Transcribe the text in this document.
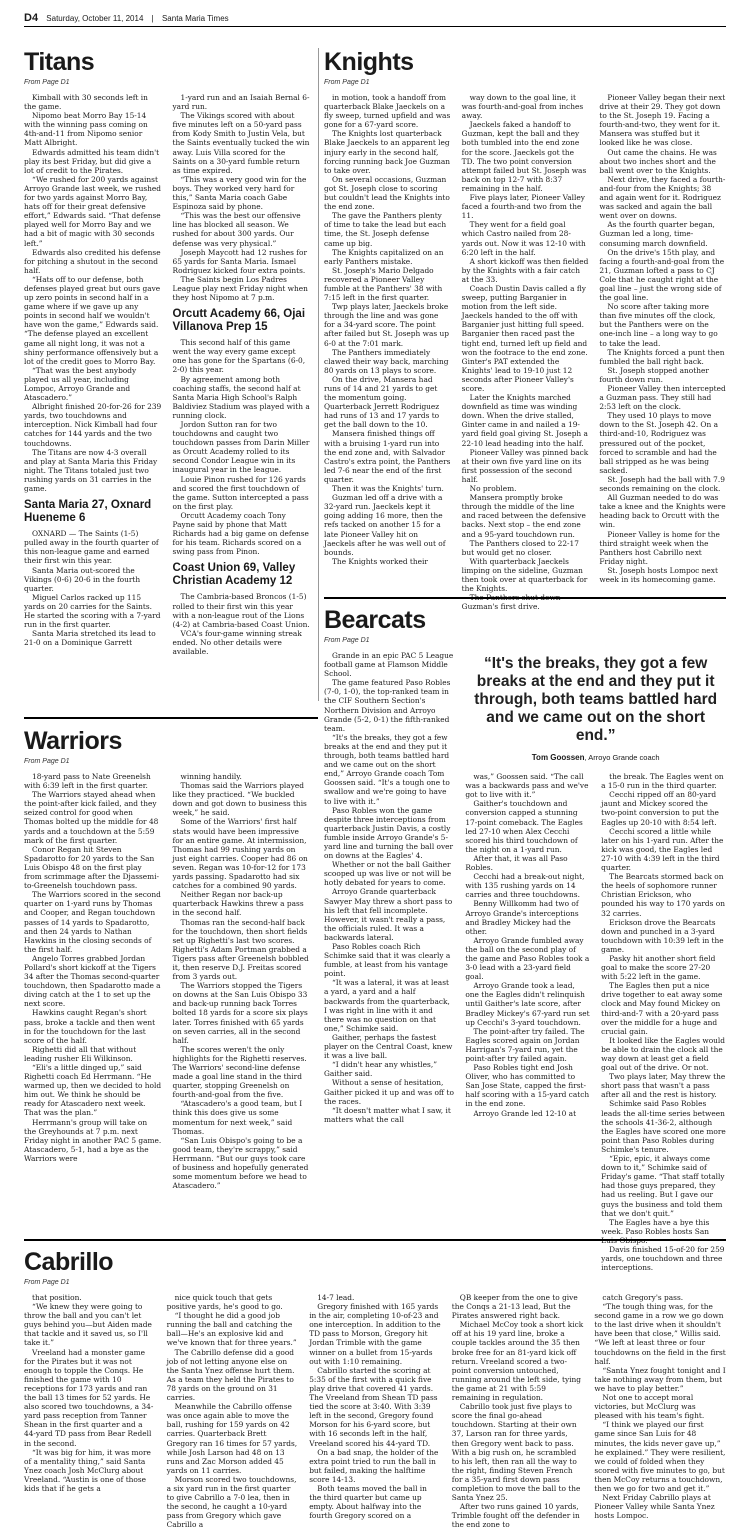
D4 Saturday, October 11, 2014 | Santa Maria Times
Titans
From Page D1

Kimball with 30 seconds left in the game.

Nipomo beat Morro Bay 15-14 with the winning pass coming on 4th-and-11 from Nipomo senior Matt Albright.

Edwards admitted his team didn't play its best Friday, but did give a lot of credit to the Pirates.

“We rushed for 200 yards against Arroyo Grande last week, we rushed for two yards against Morro Bay, hats off for their great defensive effort,” Edwards said. “That defense played well for Morro Bay and we had a bit of magic with 30 seconds left.”

Edwards also credited his defense for pitching a shutout in the second half.

“Hats off to our defense, both defenses played great but ours gave up zero points in second half in a game where if we gave up any points in second half we wouldn't have won the game,” Edwards said. “The defense played an excellent game all night long, it was not a shiny performance offensively but a lot of the credit goes to Morro Bay.

“That was the best anybody played us all year, including Lompoc, Arroyo Grande and Atascadero.”

Albright finished 20-for-26 for 239 yards, two touchdowns and interception. Nick Kimball had four catches for 144 yards and the two touchdowns.

The Titans are now 4-3 overall and play at Santa Maria this Friday night. The Titans totaled just two rushing yards on 31 carries in the game.

Santa Maria 27, Oxnard Hueneme 6

OXNARD — The Saints (1-5) pulled away in the fourth quarter of this non-league game and earned their first win this year.

Santa Maria out-scored the Vikings (0-6) 20-6 in the fourth quarter.

Miguel Carlos racked up 115 yards on 20 carries for the Saints. He started the scoring with a 7-yard run in the first quarter.

Santa Maria stretched its lead to 21-0 on a Dominique Garrett

1-yard run and an Isaiah Bernal 6-yard run.

The Vikings scored with about five minutes left on a 50-yard pass from Kody Smith to Justin Vela, but the Saints eventually tucked the win away. Luis Villa scored for the Saints on a 30-yard fumble return as time expired.

“This was a very good win for the boys. They worked very hard for this,” Santa Maria coach Gabe Espinoza said by phone.

“This was the best our offensive line has blocked all season. We rushed for about 300 yards. Our defense was very physical.”

Joseph Maycott had 12 rushes for 65 yards for Santa Maria. Ismael Rodriguez kicked four extra points.

The Saints begin Los Padres League play next Friday night when they host Nipomo at 7 p.m.

Orcutt Academy 66, Ojai Villanova Prep 15

This second half of this game went the way every game except one has gone for the Spartans (6-0, 2-0) this year.

By agreement among both coaching staffs, the second half at Santa Maria High School's Ralph Baldiviez Stadium was played with a running clock.

Jordon Sutton ran for two touchdowns and caught two touchdown passes from Darin Miller as Orcutt Academy rolled to its second Condor League win in its inaugural year in the league.

Louie Pinon rushed for 126 yards and scored the first touchdown of the game. Sutton intercepted a pass on the first play.

Orcutt Academy coach Tony Payne said by phone that Matt Richards had a big game on defense for his team. Richards scored on a swing pass from Pinon.

Coast Union 69, Valley Christian Academy 12

The Cambria-based Broncos (1-5) rolled to their first win this year with a non-league rout of the Lions (4-2) at Cambria-based Coast Union.

VCA's four-game winning streak ended. No other details were available.

Knights
From Page D1

in motion, took a handoff from quarterback Blake Jaeckels on a fly sweep, turned upfield and was gone for a 67-yard score.

The Knights lost quarterback Blake Jaeckels to an apparent leg injury early in the second half, forcing running back Joe Guzman to take over.

On several occasions, Guzman got St. Joseph close to scoring but couldn't lead the Knights into the end zone.

The gave the Panthers plenty of time to take the lead but each time, the St. Joseph defense came up big.

The Knights capitalized on an early Panthers mistake.

St. Joseph's Mario Delgado recovered a Pioneer Valley fumble at the Panthers' 38 with 7:15 left in the first quarter.

Twp plays later, Jaeckels broke through the line and was gone for a 34-yard score. The point after failed but St. Joseph was up 6-0 at the 7:01 mark.

The Panthers immediately clawed their way back, marching 80 yards on 13 plays to score.

On the drive, Mansera had runs of 14 and 21 yards to get the momentum going. Quarterback Jerrett Rodriguez had runs of 13 and 17 yards to get the ball down to the 10.

Mansera finished things off with a bruising 1-yard run into the end zone and, with Salvador Castro's extra point, the Panthers led 7-6 near the end of the first quarter.

Then it was the Knights' turn.

Guzman led off a drive with a 32-yard run. Jaeckels kept it going adding 16 more, then the refs tacked on another 15 for a late Pioneer Valley hit on Jaeckels after he was well out of bounds.

The Knights worked their

way down to the goal line, it was fourth-and-goal from inches away.

Jaeckels faked a handoff to Guzman, kept the ball and they both tumbled into the end zone for the score. Jaeckels got the TD. The two point conversion attempt failed but St. Joseph was back on top 12-7 with 8:37 remaining in the half.

Five plays later, Pioneer Valley faced a fourth-and two from the 11.

They went for a field goal which Castro nailed from 28-yards out. Now it was 12-10 with 6:20 left in the half.

A short kickoff was then fielded by the Knights with a fair catch at the 33.

Coach Dustin Davis called a fly sweep, putting Barganier in motion from the left side. Jaeckels handed to the off with Barganier just hitting full speed. Barganier then raced past the tight end, turned left up field and won the footrace to the end zone. Ginter's PAT extended the Knights' lead to 19-10 just 12 seconds after Pioneer Valley's score.

Later the Knights marched downfield as time was winding down. When the drive stalled, Ginter came in and nailed a 19-yard field goal giving St. Joseph a 22-10 lead heading into the half.

Pioneer Valley was pinned back at their own five yard line on its first possession of the second half.

No problem.

Mansera promptly broke through the middle of the line and raced between the defensive backs. Next stop – the end zone and a 95-yard touchdown run.

The Panthers closed to 22-17 but would get no closer.

With quarterback Jaeckels limping on the sideline, Guzman then took over at quarterback for the Knights.

The Panthers shut down Guzman's first drive.

Pioneer Valley began their next drive at their 29. They got down to the St. Joseph 19. Facing a fourth-and-two, they went for it. Mansera was stuffed but it looked like he was close.

Out came the chains. He was about two inches short and the ball went over to the Knights.

Next drive, they faced a fourth-and-four from the Knights; 38 and again went for it. Rodriguez was sacked and again the ball went over on downs.

As the fourth quarter began, Guzman led a long, time-consuming march downfield.

On the drive's 15th play, and facing a fourth-and-goal from the 21, Guzman lofted a pass to CJ Cole that he caught right at the goal line – just the wrong side of the goal line.

No score after taking more than five minutes off the clock, but the Panthers were on the one-inch line – a long way to go to take the lead.

The Knights forced a punt then fumbled the ball right back.

St. Joseph stopped another fourth down run.

Pioneer Valley then intercepted a Guzman pass. They still had 2:53 left on the clock.

They used 10 plays to move down to the St. Joseph 42. On a third-and-10, Rodriguez was pressured out of the pocket, forced to scramble and had the ball stripped as he was being sacked.

St. Joseph had the ball with 7.9 seconds remaining on the clock.

All Guzman needed to do was take a knee and the Knights were heading back to Orcutt with the win.

Pioneer Valley is home for the third straight week when the Panthers host Cabrillo next Friday night.

St. Joseph hosts Lompoc next week in its homecoming game.

Bearcats
From Page D1

Grande in an epic PAC 5 League football game at Flamson Middle School.

The game featured Paso Robles (7-0, 1-0), the top-ranked team in the CIF Southern Section's Northern Division and Arroyo Grande (5-2, 0-1) the fifth-ranked team.

“It's the breaks, they got a few breaks at the end and they put it through, both teams battled hard and we came out on the short end,” Arroyo Grande coach Tom Goossen said. “It's a tough one to swallow and we're going to have to live with it.”

Paso Robles won the game despite three interceptions from quarterback Justin Davis, a costly fumble inside Arroyo Grande's 5-yard line and turning the ball over on downs at the Eagles' 4.

Whether or not the ball Gaither scooped up was live or not will be hotly debated for years to come.

Arroyo Grande quarterback Sawyer May threw a short pass to his left that fell incomplete. However, it wasn't really a pass, the officials ruled. It was a backwards lateral.

Paso Robles coach Rich Schimke said that it was clearly a fumble, at least from his vantage point.

“It was a lateral, it was at least a yard, a yard and a half backwards from the quarterback, I was right in line with it and there was no question on that one,” Schimke said.

Gaither, perhaps the fastest player on the Central Coast, knew it was a live ball.

“I didn't hear any whistles,” Gaither said.

Without a sense of hesitation, Gaither picked it up and was off to the races.

“It doesn't matter what I saw, it matters what the call

“It's the breaks, they got a few breaks at the end and they put it through, both teams battled hard and we came out on the short end.”
Tom Goossen, Arroyo Grande coach

was,” Goossen said. “The call was a backwards pass and we've got to live with it.”

Gaither's touchdown and conversion capped a stunning 17-point comeback. The Eagles led 27-10 when Alex Cecchi scored his third touchdown of the night on a 1-yard run.

After that, it was all Paso Robles.

Cecchi had a break-out night, with 135 rushing yards on 14 carries and three touchdowns.

Benny Willkomm had two of Arroyo Grande's interceptions and Bradley Mickey had the other.

Arroyo Grande fumbled away the ball on the second play of the game and Paso Robles took a 3-0 lead with a 23-yard field goal.

Arroyo Grande took a lead, one the Eagles didn't relinquish until Gaither's late score, after Bradley Mickey's 67-yard run set up Cecchi's 3-yard touchdown.

The point-after try failed. The Eagles scored again on Jordan Harrigan's 7-yard run, yet the point-after try failed again.

Paso Robles tight end Josh Oliver, who has committed to San Jose State, capped the first-half scoring with a 15-yard catch in the end zone.

Arroyo Grande led 12-10 at

the break. The Eagles went on a 15-0 run in the third quarter.

Cecchi ripped off an 80-yard jaunt and Mickey scored the two-point conversion to put the Eagles up 20-10 with 8:54 left.

Cecchi scored a little while later on his 1-yard run. After the kick was good, the Eagles led 27-10 with 4:39 left in the third quarter.

The Bearcats stormed back on the heels of sophomore runner Christian Erickson, who pounded his way to 170 yards on 32 carries.

Erickson drove the Bearcats down and punched in a 3-yard touchdown with 10:39 left in the game.

Pasky hit another short field goal to make the score 27-20 with 5:22 left in the game.

The Eagles then put a nice drive together to eat away some clock and May found Mickey on third-and-7 with a 20-yard pass over the middle for a huge and crucial gain.

It looked like the Eagles would be able to drain the clock all the way down at least get a field goal out of the drive. Or not.

Two plays later, May threw the short pass that wasn't a pass after all and the rest is history.

Schimke said Paso Robles leads the all-time series between the schools 41-36-2, although the Eagles have scored one more point than Paso Robles during Schimke's tenure.

“Epic, epic, it always come down to it,” Schimke said of Friday's game. “That staff totally had those guys prepared, they had us reeling. But I gave our guys the business and told them that we don't quit.”

The Eagles have a bye this week. Paso Robles hosts San Luis Obispo.

Davis finished 15-of-20 for 259 yards, one touchdown and three interceptions.

Warriors
From Page D1

18-yard pass to Nate Greenelsh with 6:39 left in the first quarter.

The Warriors stayed ahead when the point-after kick failed, and they seized control for good when Thomas bolted up the middle for 48 yards and a touchdown at the 5:59 mark of the first quarter.

Conor Regan hit Steven Spadarotto for 20 yards to the San Luis Obispo 48 on the first play from scrimmage after the Djassemi-to-Greenelsh touchdown pass.

The Warriors scored in the second quarter on 1-yard runs by Thomas and Cooper, and Regan touchdown passes of 14 yards to Spadarotto, and then 24 yards to Nathan Hawkins in the closing seconds of the first half.

Angelo Torres grabbed Jordan Pollard's short kickoff at the Tigers 34 after the Thomas second-quarter touchdown, then Spadarotto made a diving catch at the 1 to set up the next score.

Hawkins caught Regan's short pass, broke a tackle and then went in for the touchdown for the last score of the half.

Righetti did all that without leading rusher Eli Wilkinson.

“Eli's a little dinged up,” said Righetti coach Ed Herrmann. “He warmed up, then we decided to hold him out. We think he should be ready for Atascadero next week. That was the plan.”

Herrmann's group will take on the Greyhounds at 7 p.m. next Friday night in another PAC 5 game. Atascadero, 5-1, had a bye as the Warriors were

winning handily.

Thomas said the Warriors played like they practiced. “We buckled down and got down to business this week,” he said.

Some of the Warriors' first half stats would have been impressive for an entire game. At intermission, Thomas had 99 rushing yards on just eight carries. Cooper had 86 on seven. Regan was 10-for-12 for 173 yards passing. Spadarotto had six catches for a combined 90 yards.

Neither Regan nor back-up quarterback Hawkins threw a pass in the second half.

Thomas ran the second-half back for the touchdown, then short fields set up Righetti's last two scores. Righetti's Adam Portman grabbed a Tigers pass after Greenelsh bobbled it, then reserve D.J. Freitas scored from 3 yards out.

The Warriors stopped the Tigers on downs at the San Luis Obispo 33 and back-up running back Torres bolted 18 yards for a score six plays later. Torres finished with 65 yards on seven carries, all in the second half.

The scores weren't the only highlights for the Righetti reserves. The Warriors' second-line defense made a goal line stand in the third quarter, stopping Greenelsh on fourth-and-goal from the five.

“Atascadero's a good team, but I think this does give us some momentum for next week,” said Thomas.

“San Luis Obispo's going to be a good team, they're scrappy,” said Herrmann. “But our guys took care of business and hopefully generated some momentum before we head to Atascadero.”

Cabrillo
From Page D1

that position.

“We knew they were going to throw the ball and you can't let guys behind you—but Aiden made that tackle and it saved us, so I'll take it.”

Vreeland had a monster game for the Pirates but it was not enough to topple the Conqs. He finished the game with 10 receptions for 173 yards and ran the ball 13 times for 52 yards. He also scored two touchdowns, a 34-yard pass reception from Tanner Shean in the first quarter and a 44-yard TD pass from Bear Redell in the second.

“It was big for him, it was more of a mentality thing,” said Santa Ynez coach Josh McClurg about Vreeland. “Austin is one of those kids that if he gets a

nice quick touch that gets positive yards, he's good to go.

“I thought he did a good job running the ball and catching the ball—He's an explosive kid and we've known that for three years.”

The Cabrillo defense did a good job of not letting anyone else on the Santa Ynez offense hurt them. As a team they held the Pirates to 78 yards on the ground on 31 carries.

Meanwhile the Cabrillo offense was once again able to move the ball, rushing for 159 yards on 42 carries. Quarterback Brett Gregory ran 16 times for 57 yards, while Josh Larson had 48 on 13 runs and Zac Morson added 45 yards on 11 carries.

Morson scored two touchdowns, a six yard run in the first quarter to give Cabrillo a 7-0 lea, then in the second, he caught a 10-yard pass from Gregory which gave Cabrillo a

14-7 lead.

Gregory finished with 165 yards in the air, completing 10-of-23 and one interception. In addition to the TD pass to Morson, Gregory hit Jordan Trimble with the game winner on a bullet from 15-yards out with 1:10 remaining.

Cabrillo started the scoring at 5:35 of the first with a quick five play drive that covered 41 yards. The Vreeland from Shean TD pass tied the score at 3:40. With 3:39 left in the second, Gregory found Morson for his 6-yard score, but with 16 seconds left in the half, Vreeland scored his 44-yard TD.

On a bad snap, the holder of the extra point tried to run the ball in but failed, making the halftime score 14-13.

Both teams moved the ball in the third quarter but came up empty. About halfway into the fourth Gregory scored on a

QB keeper from the one to give the Conqs a 21-13 lead, But the Pirates answered right back.

Michael McCoy took a short kick off at his 19 yard line, broke a couple tackles around the 35 then broke free for an 81-yard kick off return. Vreeland scored a two-point conversion untouched, running around the left side, tying the game at 21 with 5:59 remaining in regulation.

Cabrillo took just five plays to score the final go-ahead touchdown. Starting at their own 37, Larson ran for three yards, then Gregory went back to pass. With a big rush on, he scrambled to his left, then ran all the way to the right, finding Steven French for a 35-yard first down pass completion to move the ball to the Santa Ynez 25.

After two runs gained 10 yards, Trimble fought off the defender in the end zone to

catch Gregory's pass.

“The tough thing was, for the second game in a row we go down to the last drive when it shouldn't have been that close,” Willis said. “We left at least three or four touchdowns on the field in the first half.

“Santa Ynez fought tonight and I take nothing away from them, but we have to play better.”

Not one to accept moral victories, but McClurg was pleased with his team's fight.

“I think we played our first game since San Luis for 48 minutes, the kids never gave up,” he explained.” They were resilient, we could of folded when they scored with five minutes to go, but then McCoy returns a touchdown, then we go for two and get it.”

Next Friday Cabrillo plays at Pioneer Valley while Santa Ynez hosts Lompoc.
